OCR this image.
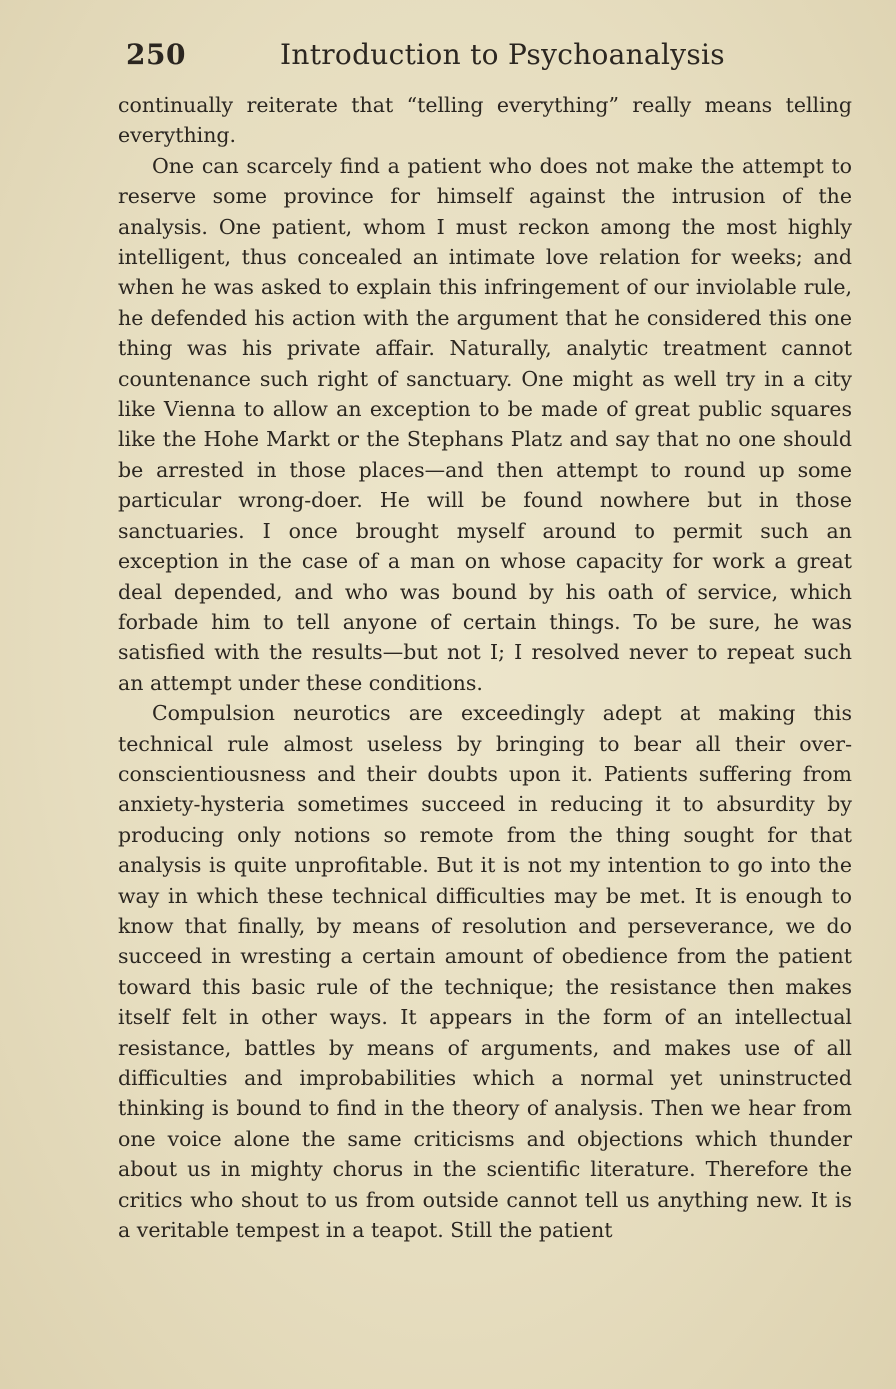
250	Introduction to Psychoanalysis

continually reiterate that “telling everything” really means telling everything.

One can scarcely find a patient who does not make the attempt to reserve some province for himself against the intrusion of the analysis. One patient, whom I must reckon among the most highly intelligent, thus concealed an intimate love relation for weeks; and when he was asked to explain this infringement of our inviolable rule, he defended his action with the argument that he considered this one thing was his private affair. Naturally, analytic treatment cannot countenance such right of sanctuary. One might as well try in a city like Vienna to allow an exception to be made of great public squares like the Hohe Markt or the Stephans Platz and say that no one should be arrested in those places—and then attempt to round up some particular wrong-doer. He will be found nowhere but in those sanctuaries. I once brought myself around to permit such an exception in the case of a man on whose capacity for work a great deal depended, and who was bound by his oath of service, which forbade him to tell anyone of certain things. To be sure, he was satisfied with the results—but not I; I resolved never to repeat such an attempt under these conditions.

Compulsion neurotics are exceedingly adept at making this technical rule almost useless by bringing to bear all their over-conscientiousness and their doubts upon it. Patients suffering from anxiety-hysteria sometimes succeed in reducing it to absurdity by producing only notions so remote from the thing sought for that analysis is quite unprofitable. But it is not my intention to go into the way in which these technical difficulties may be met. It is enough to know that finally, by means of resolution and perseverance, we do succeed in wresting a certain amount of obedience from the patient toward this basic rule of the technique; the resistance then makes itself felt in other ways. It appears in the form of an intellectual resistance, battles by means of arguments, and makes use of all difficulties and improbabilities which a normal yet uninstructed thinking is bound to find in the theory of analysis. Then we hear from one voice alone the same criticisms and objections which thunder about us in mighty chorus in the scientific literature. Therefore the critics who shout to us from outside cannot tell us anything new. It is a veritable tempest in a teapot. Still the patient
